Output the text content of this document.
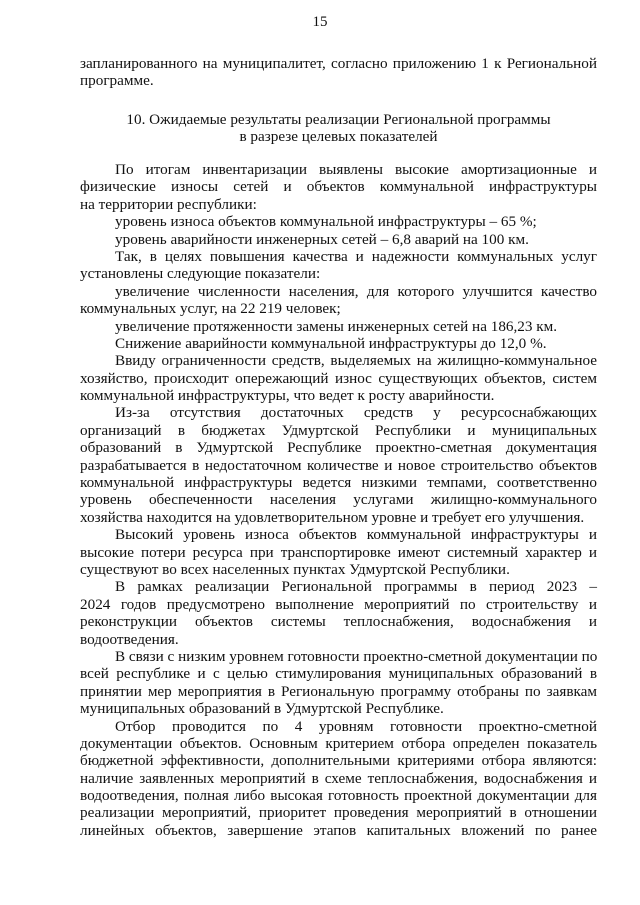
15
запланированного на муниципалитет, согласно приложению 1 к Региональной
программе.
10. Ожидаемые результаты реализации Региональной программы
в разрезе целевых показателей
По итогам инвентаризации выявлены высокие амортизационные и
физические износы сетей и объектов коммунальной инфраструктуры
на территории республики:
уровень износа объектов коммунальной инфраструктуры – 65 %;
уровень аварийности инженерных сетей – 6,8 аварий на 100 км.
Так, в целях повышения качества и надежности коммунальных услуг
установлены следующие показатели:
увеличение численности населения, для которого улучшится качество
коммунальных услуг, на 22 219 человек;
увеличение протяженности замены инженерных сетей на 186,23 км.
Снижение аварийности коммунальной инфраструктуры до 12,0 %.
Ввиду ограниченности средств, выделяемых на жилищно-коммунальное
хозяйство, происходит опережающий износ существующих объектов, систем
коммунальной инфраструктуры, что ведет к росту аварийности.
Из-за отсутствия достаточных средств у ресурсоснабжающих
организаций в бюджетах Удмуртской Республики и муниципальных
образований в Удмуртской Республике проектно-сметная документация
разрабатывается в недостаточном количестве и новое строительство объектов
коммунальной инфраструктуры ведется низкими темпами, соответственно
уровень обеспеченности населения услугами жилищно-коммунального
хозяйства находится на удовлетворительном уровне и требует его улучшения.
Высокий уровень износа объектов коммунальной инфраструктуры и
высокие потери ресурса при транспортировке имеют системный характер и
существуют во всех населенных пунктах Удмуртской Республики.
В рамках реализации Региональной программы в период 2023 –
2024 годов предусмотрено выполнение мероприятий по строительству и
реконструкции объектов системы теплоснабжения, водоснабжения и
водоотведения.
В связи с низким уровнем готовности проектно-сметной документации по
всей республике и с целью стимулирования муниципальных образований в
принятии мер мероприятия в Региональную программу отобраны по заявкам
муниципальных образований в Удмуртской Республике.
Отбор проводится по 4 уровням готовности проектно-сметной
документации объектов. Основным критерием отбора определен показатель
бюджетной эффективности, дополнительными критериями отбора являются:
наличие заявленных мероприятий в схеме теплоснабжения, водоснабжения и
водоотведения, полная либо высокая готовность проектной документации для
реализации мероприятий, приоритет проведения мероприятий в отношении
линейных объектов, завершение этапов капитальных вложений по ранее
